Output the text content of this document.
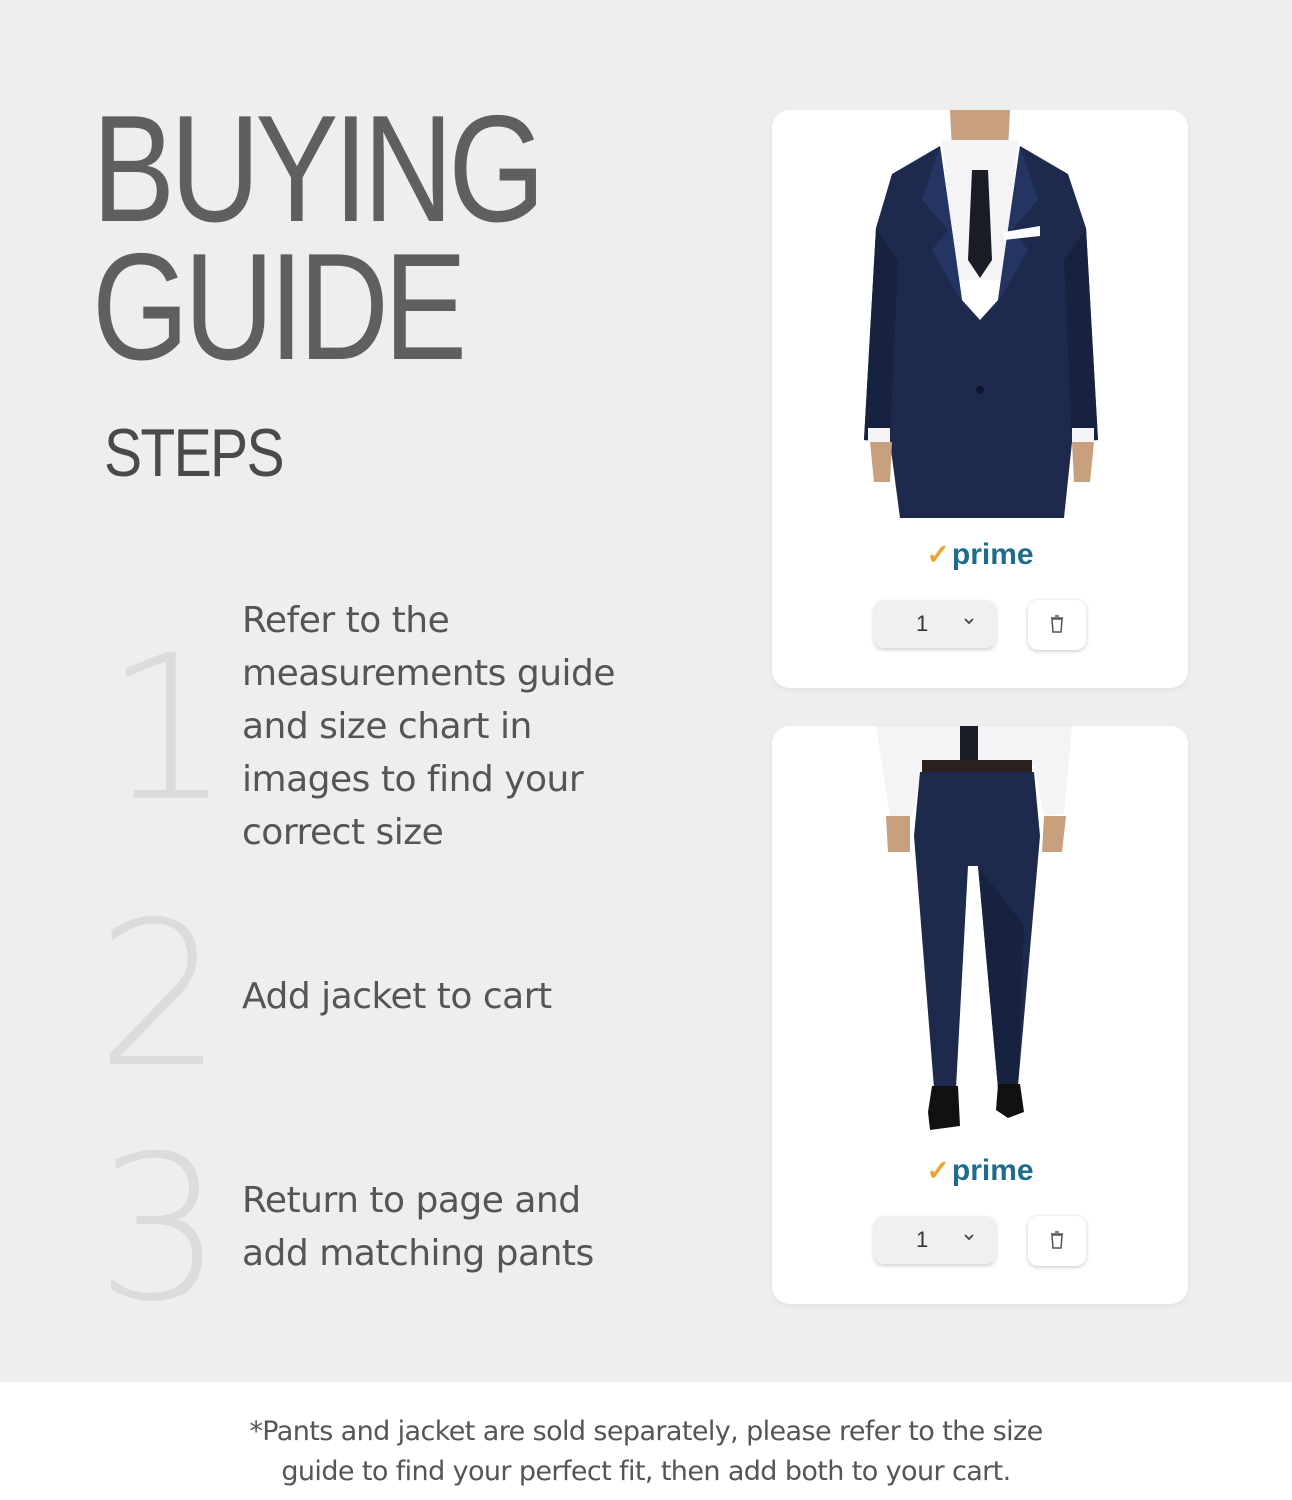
BUYING
GUIDE
STEPS
1 Refer to the measurements guide and size chart in images to find your correct size

2 Add jacket to cart

3 Return to page and add matching pants

✓prime
1
✓prime
1

*Pants and jacket are sold separately, please refer to the size
guide to find your perfect fit, then add both to your cart.
